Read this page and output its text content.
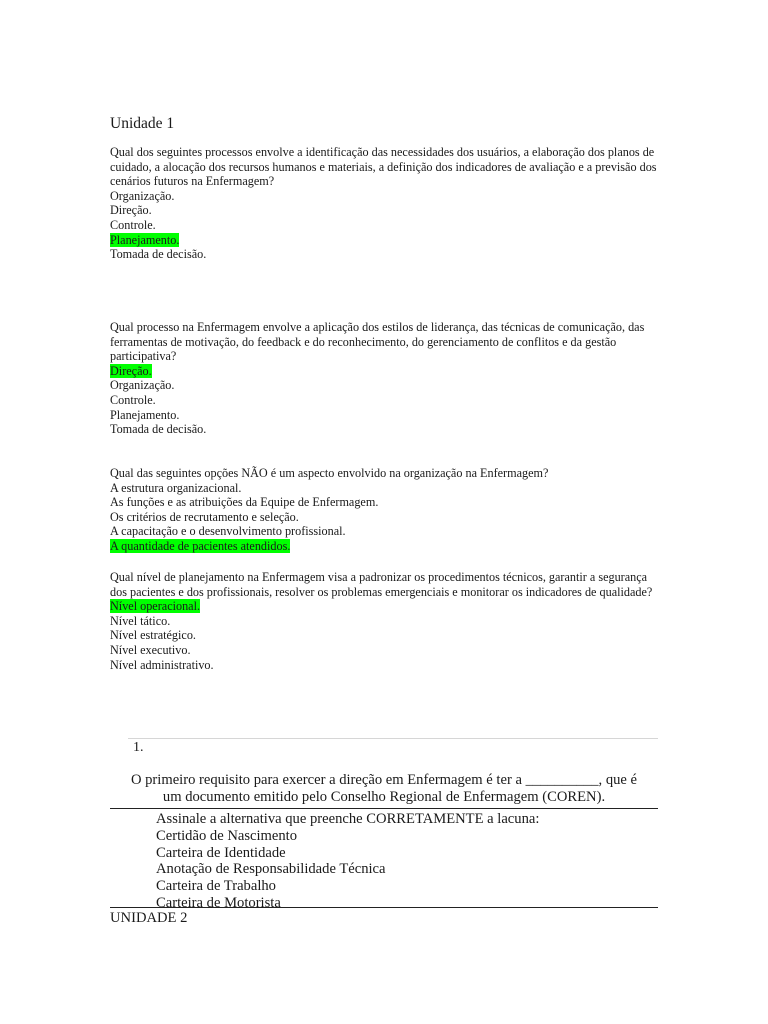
Unidade 1

Qual dos seguintes processos envolve a identificação das necessidades dos usuários, a elaboração dos planos de cuidado, a alocação dos recursos humanos e materiais, a definição dos indicadores de avaliação e a previsão dos cenários futuros na Enfermagem?

Organização.
Direção.
Controle.
Planejamento.
Tomada de decisão.

Qual processo na Enfermagem envolve a aplicação dos estilos de liderança, das técnicas de comunicação, das ferramentas de motivação, do feedback e do reconhecimento, do gerenciamento de conflitos e da gestão participativa?

Direção.
Organização.
Controle.
Planejamento.
Tomada de decisão.

Qual das seguintes opções NÃO é um aspecto envolvido na organização na Enfermagem?

A estrutura organizacional.
As funções e as atribuições da Equipe de Enfermagem.
Os critérios de recrutamento e seleção.
A capacitação e o desenvolvimento profissional.
A quantidade de pacientes atendidos.

Qual nível de planejamento na Enfermagem visa a padronizar os procedimentos técnicos, garantir a segurança dos pacientes e dos profissionais, resolver os problemas emergenciais e monitorar os indicadores de qualidade?

Nível operacional.
Nível tático.
Nível estratégico.
Nível executivo.
Nível administrativo.
1.

O primeiro requisito para exercer a direção em Enfermagem é ter a __________, que é

um documento emitido pelo Conselho Regional de Enfermagem (COREN).

Assinale a alternativa que preenche CORRETAMENTE a lacuna:
Certidão de Nascimento
Carteira de Identidade
Anotação de Responsabilidade Técnica
Carteira de Trabalho
Carteira de Motorista
UNIDADE 2
